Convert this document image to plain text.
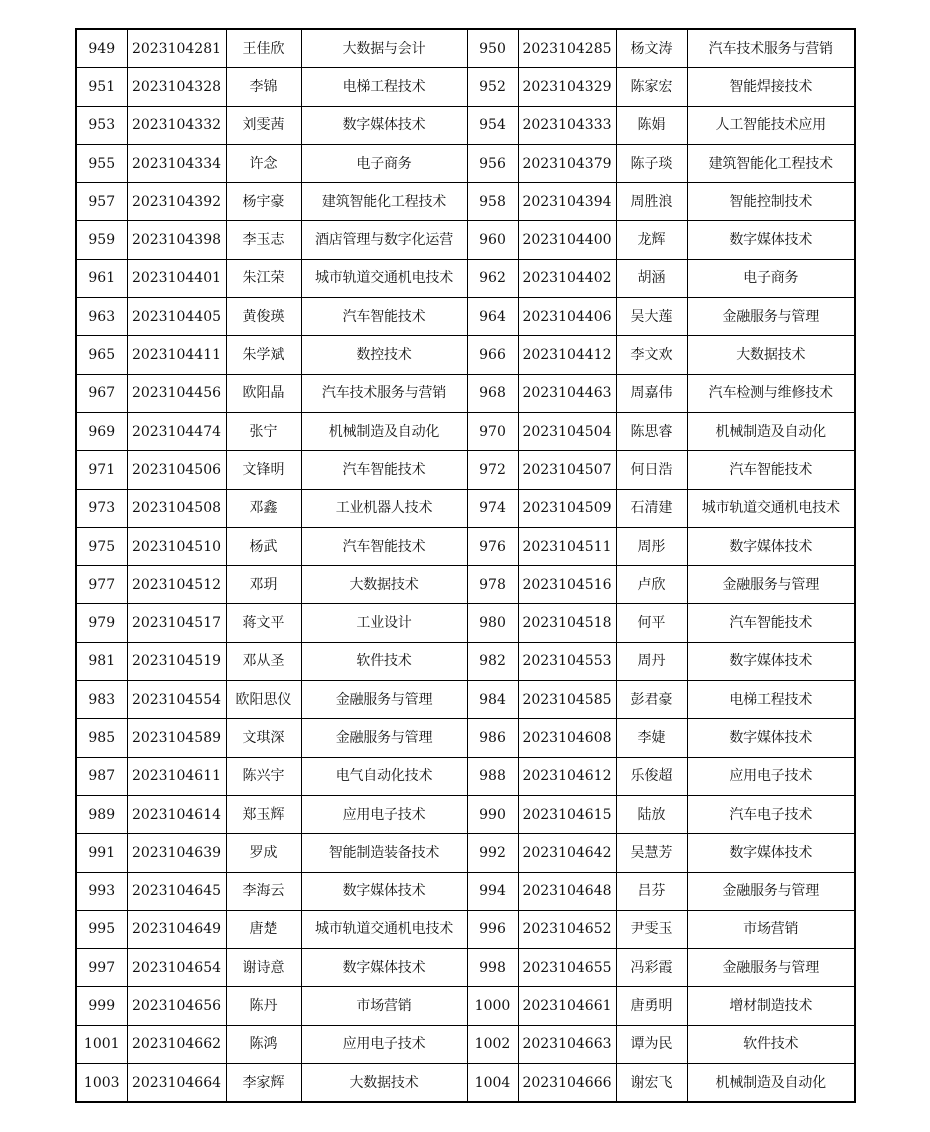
949	2023104281	王佳欣	大数据与会计	950	2023104285	杨文涛	汽车技术服务与营销
951	2023104328	李锦	电梯工程技术	952	2023104329	陈家宏	智能焊接技术
953	2023104332	刘雯茜	数字媒体技术	954	2023104333	陈娟	人工智能技术应用
955	2023104334	许念	电子商务	956	2023104379	陈子琰	建筑智能化工程技术
957	2023104392	杨宇豪	建筑智能化工程技术	958	2023104394	周胜浪	智能控制技术
959	2023104398	李玉志	酒店管理与数字化运营	960	2023104400	龙辉	数字媒体技术
961	2023104401	朱江荣	城市轨道交通机电技术	962	2023104402	胡涵	电子商务
963	2023104405	黄俊瑛	汽车智能技术	964	2023104406	吴大莲	金融服务与管理
965	2023104411	朱学斌	数控技术	966	2023104412	李文欢	大数据技术
967	2023104456	欧阳晶	汽车技术服务与营销	968	2023104463	周嘉伟	汽车检测与维修技术
969	2023104474	张宁	机械制造及自动化	970	2023104504	陈思睿	机械制造及自动化
971	2023104506	文锋明	汽车智能技术	972	2023104507	何日浩	汽车智能技术
973	2023104508	邓鑫	工业机器人技术	974	2023104509	石清建	城市轨道交通机电技术
975	2023104510	杨武	汽车智能技术	976	2023104511	周彤	数字媒体技术
977	2023104512	邓玥	大数据技术	978	2023104516	卢欣	金融服务与管理
979	2023104517	蒋文平	工业设计	980	2023104518	何平	汽车智能技术
981	2023104519	邓从圣	软件技术	982	2023104553	周丹	数字媒体技术
983	2023104554	欧阳思仪	金融服务与管理	984	2023104585	彭君豪	电梯工程技术
985	2023104589	文琪深	金融服务与管理	986	2023104608	李婕	数字媒体技术
987	2023104611	陈兴宇	电气自动化技术	988	2023104612	乐俊超	应用电子技术
989	2023104614	郑玉辉	应用电子技术	990	2023104615	陆放	汽车电子技术
991	2023104639	罗成	智能制造装备技术	992	2023104642	吴慧芳	数字媒体技术
993	2023104645	李海云	数字媒体技术	994	2023104648	吕芬	金融服务与管理
995	2023104649	唐楚	城市轨道交通机电技术	996	2023104652	尹雯玉	市场营销
997	2023104654	谢诗意	数字媒体技术	998	2023104655	冯彩霞	金融服务与管理
999	2023104656	陈丹	市场营销	1000	2023104661	唐勇明	增材制造技术
1001	2023104662	陈鸿	应用电子技术	1002	2023104663	谭为民	软件技术
1003	2023104664	李家辉	大数据技术	1004	2023104666	谢宏飞	机械制造及自动化
